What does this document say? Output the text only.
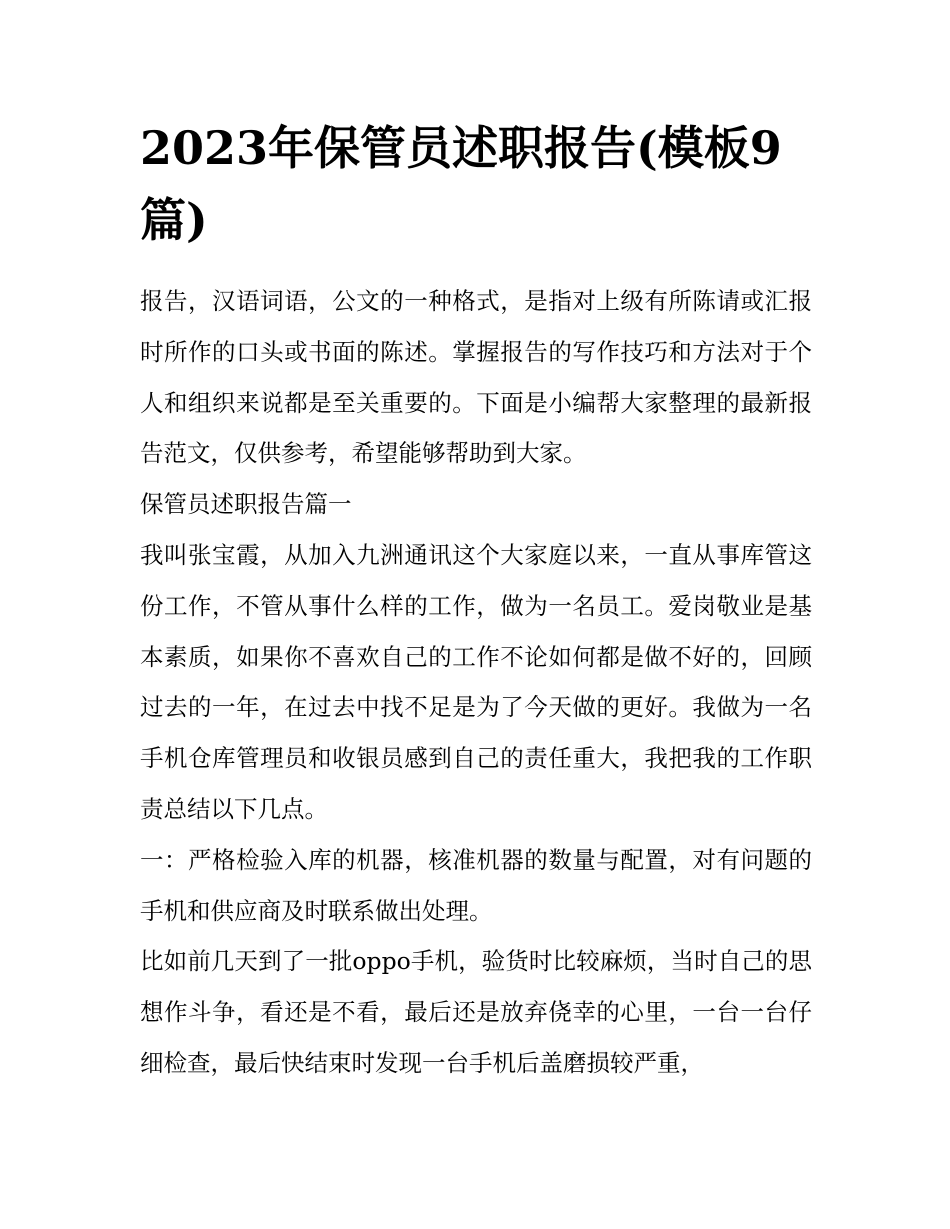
2023年保管员述职报告(模板9篇)

报告，汉语词语，公文的一种格式，是指对上级有所陈请或汇报时所作的口头或书面的陈述。掌握报告的写作技巧和方法对于个人和组织来说都是至关重要的。下面是小编帮大家整理的最新报告范文，仅供参考，希望能够帮助到大家。

保管员述职报告篇一

我叫张宝霞，从加入九洲通讯这个大家庭以来，一直从事库管这份工作，不管从事什么样的工作，做为一名员工。爱岗敬业是基本素质，如果你不喜欢自己的工作不论如何都是做不好的，回顾过去的一年，在过去中找不足是为了今天做的更好。我做为一名手机仓库管理员和收银员感到自己的责任重大，我把我的工作职责总结以下几点。

一：严格检验入库的机器，核准机器的数量与配置，对有问题的手机和供应商及时联系做出处理。

比如前几天到了一批oppo手机，验货时比较麻烦，当时自己的思想作斗争，看还是不看，最后还是放弃侥幸的心里，一台一台仔细检查，最后快结束时发现一台手机后盖磨损较严重，
